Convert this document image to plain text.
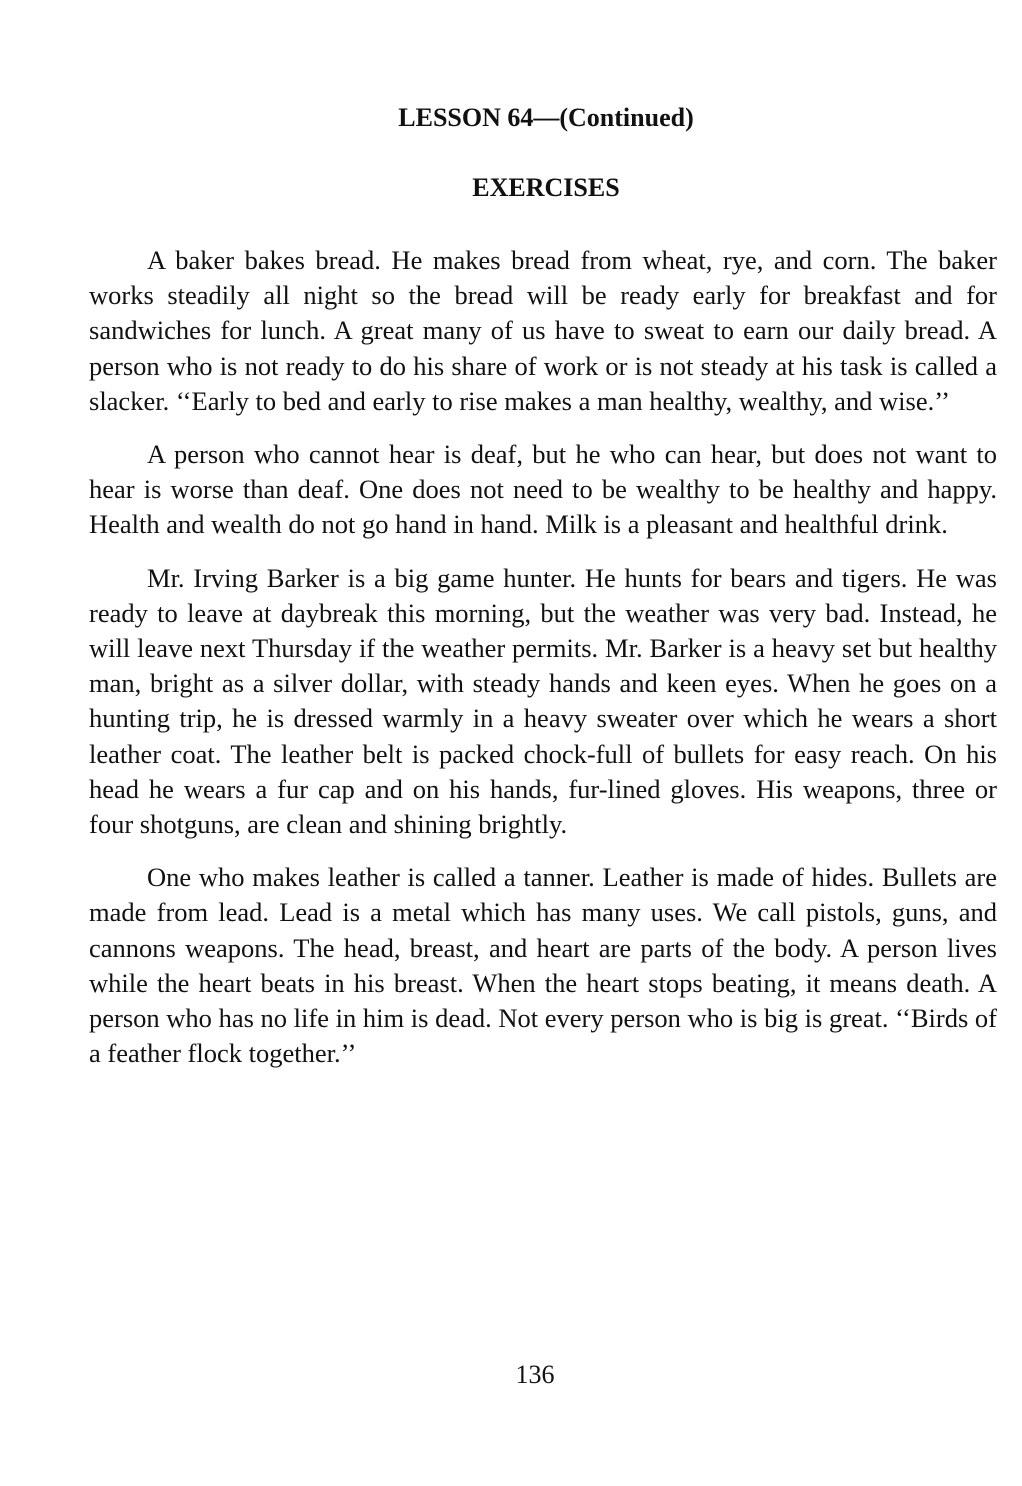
LESSON 64—(Continued)
EXERCISES

A baker bakes bread. He makes bread from wheat, rye, and corn. The baker works steadily all night so the bread will be ready early for breakfast and for sandwiches for lunch. A great many of us have to sweat to earn our daily bread. A person who is not ready to do his share of work or is not steady at his task is called a slacker. ‘‘Early to bed and early to rise makes a man healthy, wealthy, and wise.’’

A person who cannot hear is deaf, but he who can hear, but does not want to hear is worse than deaf. One does not need to be wealthy to be healthy and happy. Health and wealth do not go hand in hand. Milk is a pleasant and healthful drink.

Mr. Irving Barker is a big game hunter. He hunts for bears and tigers. He was ready to leave at daybreak this morning, but the weather was very bad. Instead, he will leave next Thursday if the weather permits. Mr. Barker is a heavy set but healthy man, bright as a silver dollar, with steady hands and keen eyes. When he goes on a hunting trip, he is dressed warmly in a heavy sweater over which he wears a short leather coat. The leather belt is packed chock-full of bullets for easy reach. On his head he wears a fur cap and on his hands, fur-lined gloves. His weapons, three or four shotguns, are clean and shining brightly.

One who makes leather is called a tanner. Leather is made of hides. Bullets are made from lead. Lead is a metal which has many uses. We call pistols, guns, and cannons weapons. The head, breast, and heart are parts of the body. A person lives while the heart beats in his breast. When the heart stops beating, it means death. A person who has no life in him is dead. Not every person who is big is great. ‘‘Birds of a feather flock together.’’

136
